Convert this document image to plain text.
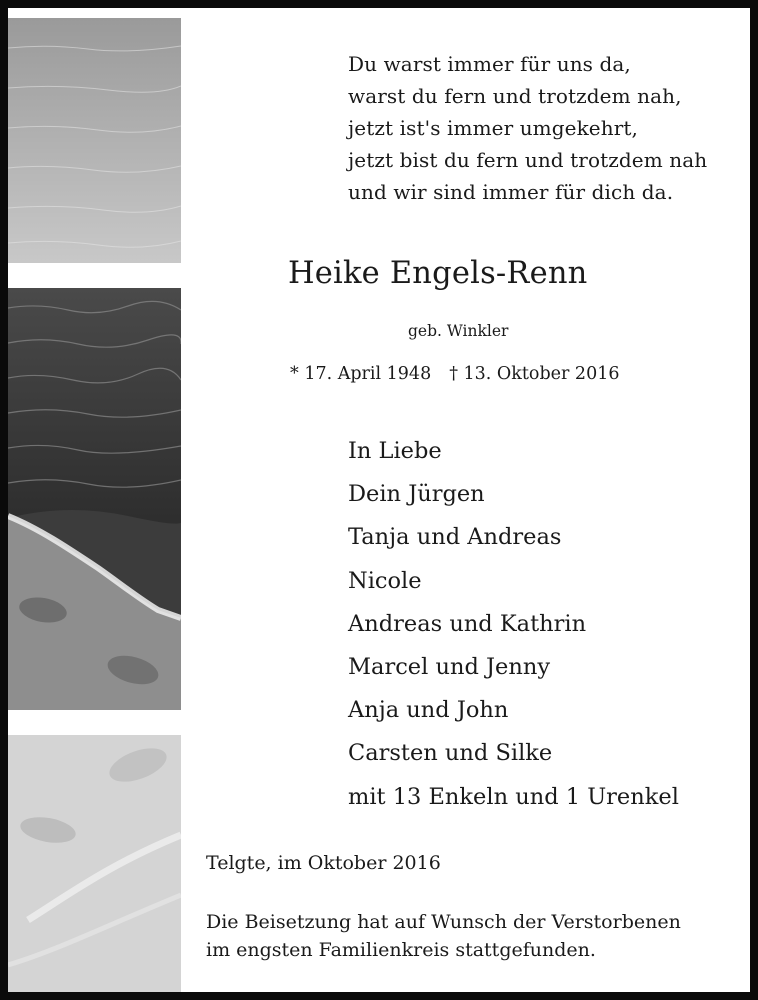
Du warst immer für uns da,
warst du fern und trotzdem nah,
jetzt ist's immer umgekehrt,
jetzt bist du fern und trotzdem nah
und wir sind immer für dich da.
Heike Engels-Renn
geb. Winkler
* 17. April 1948 † 13. Oktober 2016
In Liebe
Dein Jürgen
Tanja und Andreas
Nicole
Andreas und Kathrin
Marcel und Jenny
Anja und John
Carsten und Silke
mit 13 Enkeln und 1 Urenkel
Telgte, im Oktober 2016
Die Beisetzung hat auf Wunsch der Verstorbenen
im engsten Familienkreis stattgefunden.
